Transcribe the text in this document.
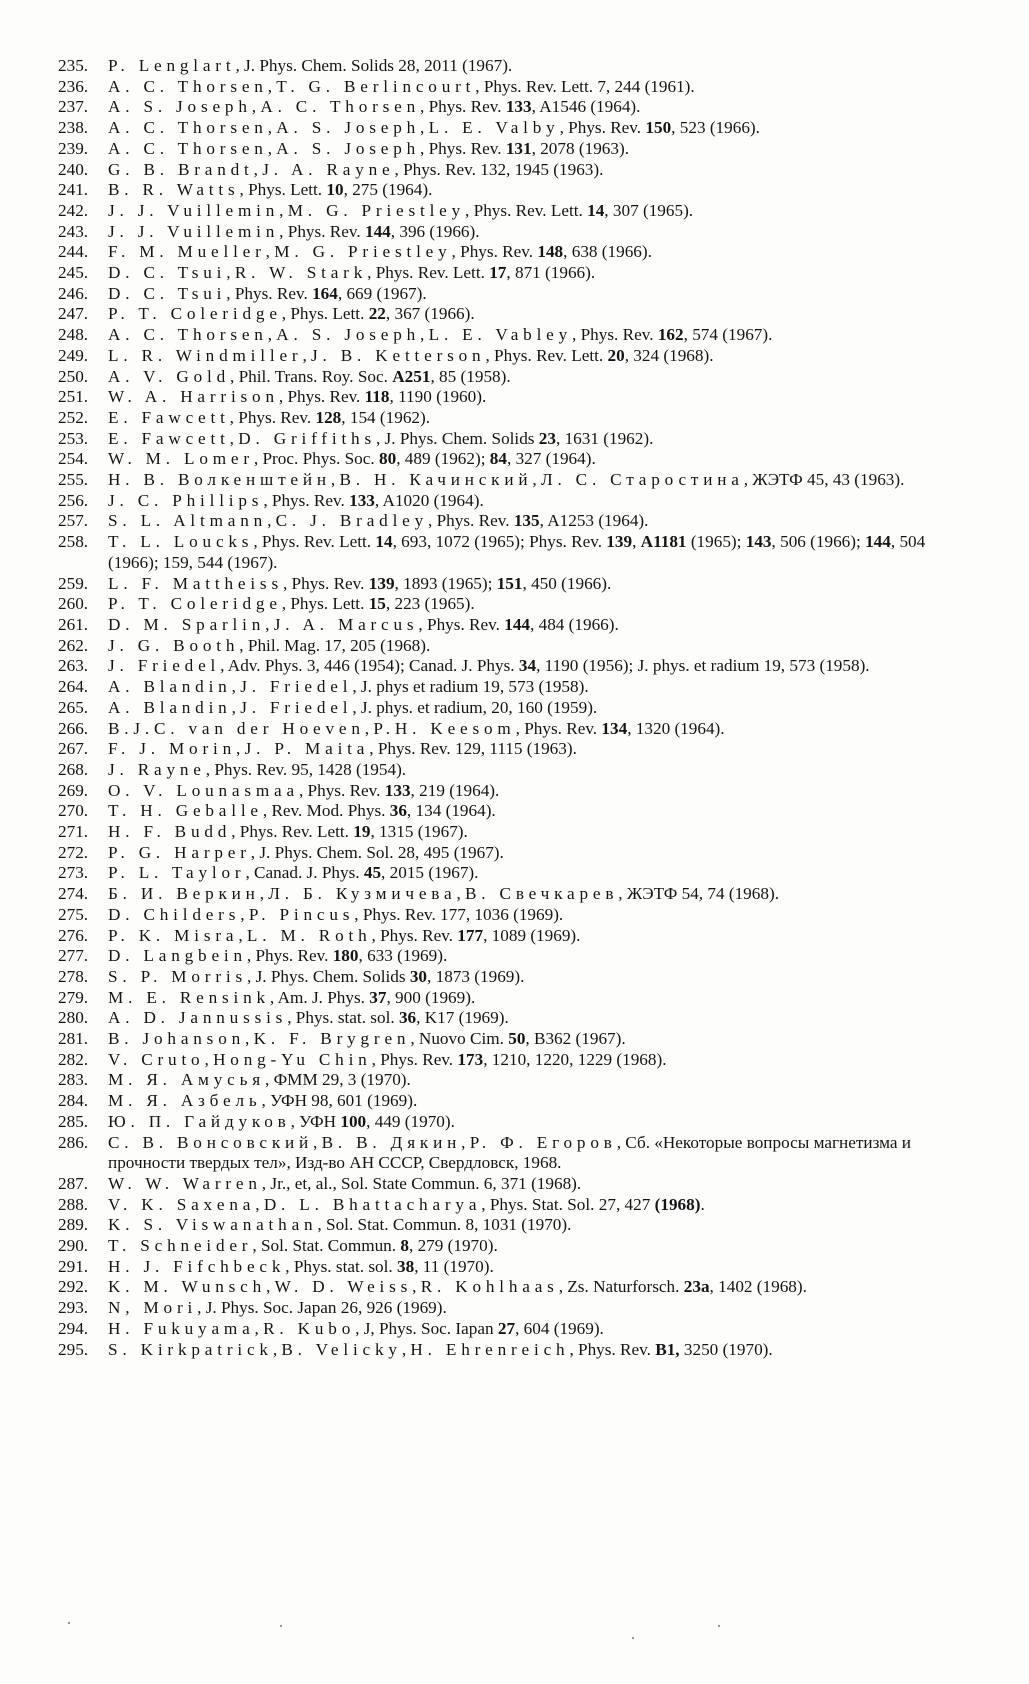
235.	P. Lenglart, J. Phys. Chem. Solids 28, 2011 (1967).
236.	A. C. Thorsen, T. G. Berlincourt, Phys. Rev. Lett. 7, 244 (1961).
237.	A. S. Joseph, A. C. Thorsen, Phys. Rev. 133, A1546 (1964).
238.	A. C. Thorsen, A. S. Joseph, L. E. Valby, Phys. Rev. 150, 523 (1966).
239.	A. C. Thorsen, A. S. Joseph, Phys. Rev. 131, 2078 (1963).
240.	G. B. Brandt, J. A. Rayne, Phys. Rev. 132, 1945 (1963).
241.	B. R. Watts, Phys. Lett. 10, 275 (1964).
242.	J. J. Vuillemin, M. G. Priestley, Phys. Rev. Lett. 14, 307 (1965).
243.	J. J. Vuillemin, Phys. Rev. 144, 396 (1966).
244.	F. M. Mueller, M. G. Priestley, Phys. Rev. 148, 638 (1966).
245.	D. C. Tsui, R. W. Stark, Phys. Rev. Lett. 17, 871 (1966).
246.	D. C. Tsui, Phys. Rev. 164, 669 (1967).
247.	P. T. Coleridge, Phys. Lett. 22, 367 (1966).
248.	A. C. Thorsen, A. S. Joseph, L. E. Vabley, Phys. Rev. 162, 574 (1967).
249.	L. R. Windmiller, J. B. Ketterson, Phys. Rev. Lett. 20, 324 (1968).
250.	A. V. Gold, Phil. Trans. Roy. Soc. A251, 85 (1958).
251.	W. A. Harrison, Phys. Rev. 118, 1190 (1960).
252.	E. Fawcett, Phys. Rev. 128, 154 (1962).
253.	E. Fawcett, D. Griffiths, J. Phys. Chem. Solids 23, 1631 (1962).
254.	W. M. Lomer, Proc. Phys. Soc. 80, 489 (1962); 84, 327 (1964).
255.	Н. В. Волкенштейн, В. Н. Качинский, Л. С. Старостина, ЖЭТФ 45, 43 (1963).
256.	J. C. Phillips, Phys. Rev. 133, A1020 (1964).
257.	S. L. Altmann, C. J. Bradley, Phys. Rev. 135, A1253 (1964).
258.	T. L. Loucks, Phys. Rev. Lett. 14, 693, 1072 (1965); Phys. Rev. 139, A1181 (1965); 143, 506 (1966); 144, 504 (1966); 159, 544 (1967).
259.	L. F. Mattheiss, Phys. Rev. 139, 1893 (1965); 151, 450 (1966).
260.	P. T. Coleridge, Phys. Lett. 15, 223 (1965).
261.	D. M. Sparlin, J. A. Marcus, Phys. Rev. 144, 484 (1966).
262.	J. G. Booth, Phil. Mag. 17, 205 (1968).
263.	J. Friedel, Adv. Phys. 3, 446 (1954); Canad. J. Phys. 34, 1190 (1956); J. phys. et radium 19, 573 (1958).
264.	A. Blandin, J. Friedel, J. phys et radium 19, 573 (1958).
265.	A. Blandin, J. Friedel, J. phys. et radium, 20, 160 (1959).
266.	B.J.C. van der Hoeven, P.H. Keesom, Phys. Rev. 134, 1320 (1964).
267.	F. J. Morin, J. P. Maita, Phys. Rev. 129, 1115 (1963).
268.	J. Rayne, Phys. Rev. 95, 1428 (1954).
269.	O. V. Lounasmaa, Phys. Rev. 133, 219 (1964).
270.	T. H. Geballe, Rev. Mod. Phys. 36, 134 (1964).
271.	H. F. Budd, Phys. Rev. Lett. 19, 1315 (1967).
272.	P. G. Harper, J. Phys. Chem. Sol. 28, 495 (1967).
273.	P. L. Taylor, Canad. J. Phys. 45, 2015 (1967).
274.	Б. И. Веркин, Л. Б. Кузмичева, В. Свечкарев, ЖЭТФ 54, 74 (1968).
275.	D. Childers, P. Pincus, Phys. Rev. 177, 1036 (1969).
276.	P. K. Misra, L. M. Roth, Phys. Rev. 177, 1089 (1969).
277.	D. Langbein, Phys. Rev. 180, 633 (1969).
278.	S. P. Morris, J. Phys. Chem. Solids 30, 1873 (1969).
279.	M. E. Rensink, Am. J. Phys. 37, 900 (1969).
280.	A. D. Jannussis, Phys. stat. sol. 36, K17 (1969).
281.	B. Johanson, K. F. Brygren, Nuovo Cim. 50, B362 (1967).
282.	V. Cruto, Hong-Yu Chin, Phys. Rev. 173, 1210, 1220, 1229 (1968).
283.	М. Я. Амусья, ФММ 29, 3 (1970).
284.	М. Я. Азбель, УФН 98, 601 (1969).
285.	Ю. П. Гайдуков, УФН 100, 449 (1970).
286.	С. В. Вонсовский, В. В. Дякин, Р. Ф. Егоров, Сб. «Некоторые вопросы магнетизма и прочности твердых тел», Изд-во АН СССР, Свердловск, 1968.
287.	W. W. Warren, Jr., et, al., Sol. State Commun. 6, 371 (1968).
288.	V. K. Saxena, D. L. Bhattacharya, Phys. Stat. Sol. 27, 427 (1968).
289.	K. S. Viswanathan, Sol. Stat. Commun. 8, 1031 (1970).
290.	T. Schneider, Sol. Stat. Commun. 8, 279 (1970).
291.	H. J. Fifchbeck, Phys. stat. sol. 38, 11 (1970).
292.	K. M. Wunsch, W. D. Weiss, R. Kohlhaas, Zs. Naturforsch. 23a, 1402 (1968).
293.	N, Mori, J. Phys. Soc. Japan 26, 926 (1969).
294.	H. Fukuyama, R. Kubo, J, Phys. Soc. Iapan 27, 604 (1969).
295.	S. Kirkpatrick, B. Velicky, H. Ehrenreich, Phys. Rev. B1, 3250 (1970).
